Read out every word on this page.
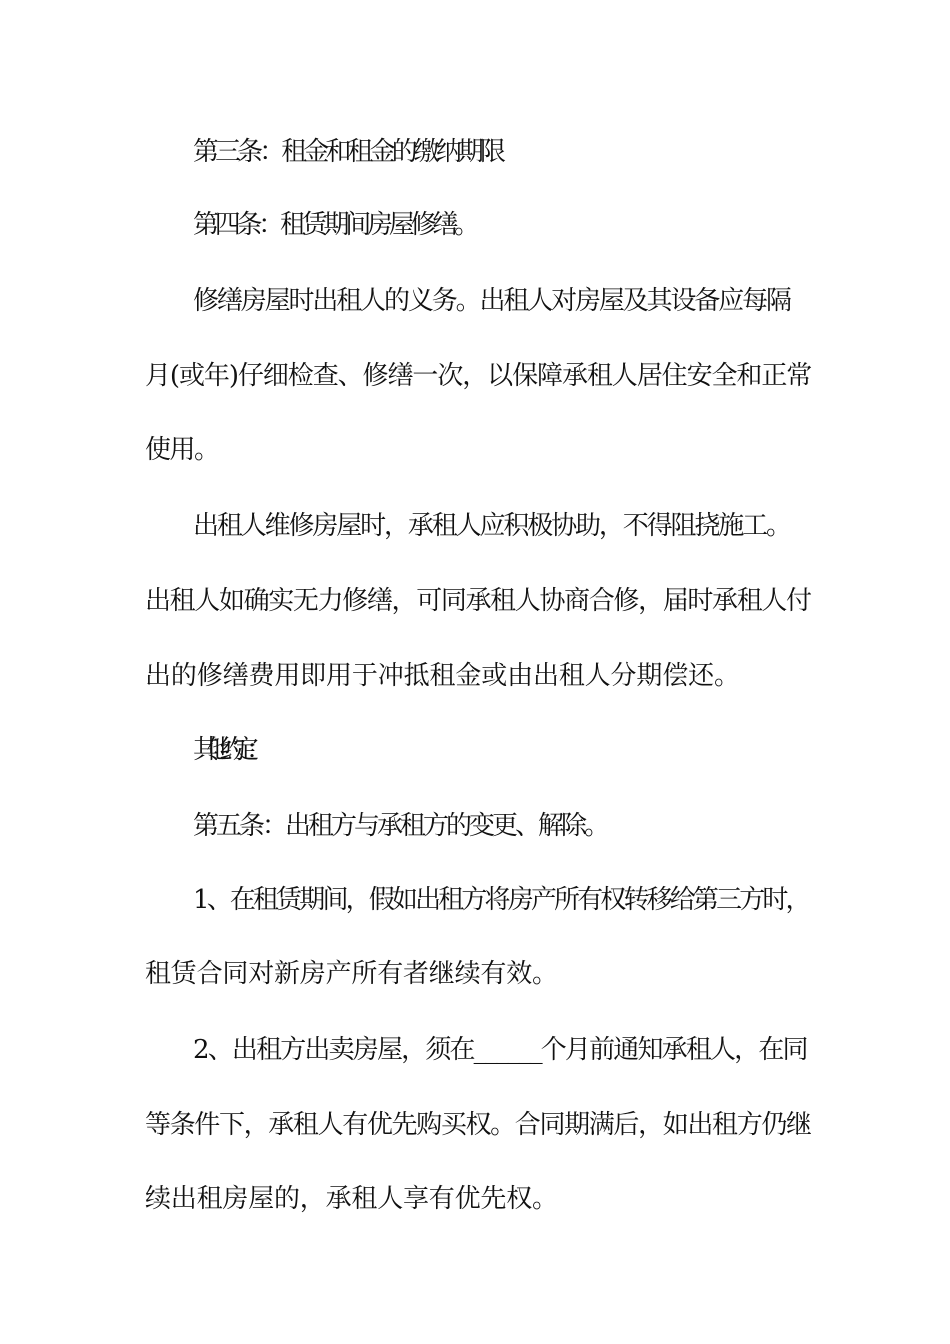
第三条：租金和租金的缴纳期限
第四条：租赁期间房屋修缮。
修缮房屋时出租人的义务。出租人对房屋及其设备应每隔
月(或年)仔细检查、修缮一次，以保障承租人居住安全和正常
使用。
出租人维修房屋时，承租人应积极协助，不得阻挠施工。
出租人如确实无力修缮，可同承租人协商合修，届时承租人付
出的修缮费用即用于冲抵租金或由出租人分期偿还。
其他约定：
第五条：出租方与承租方的变更、解除。
1、在租赁期间，假如出租方将房产所有权转移给第三方时，
租赁合同对新房产所有者继续有效。
2、出租方出卖房屋，须在______个月前通知承租人，在同
等条件下，承租人有优先购买权。合同期满后，如出租方仍继
续出租房屋的，承租人享有优先权。
